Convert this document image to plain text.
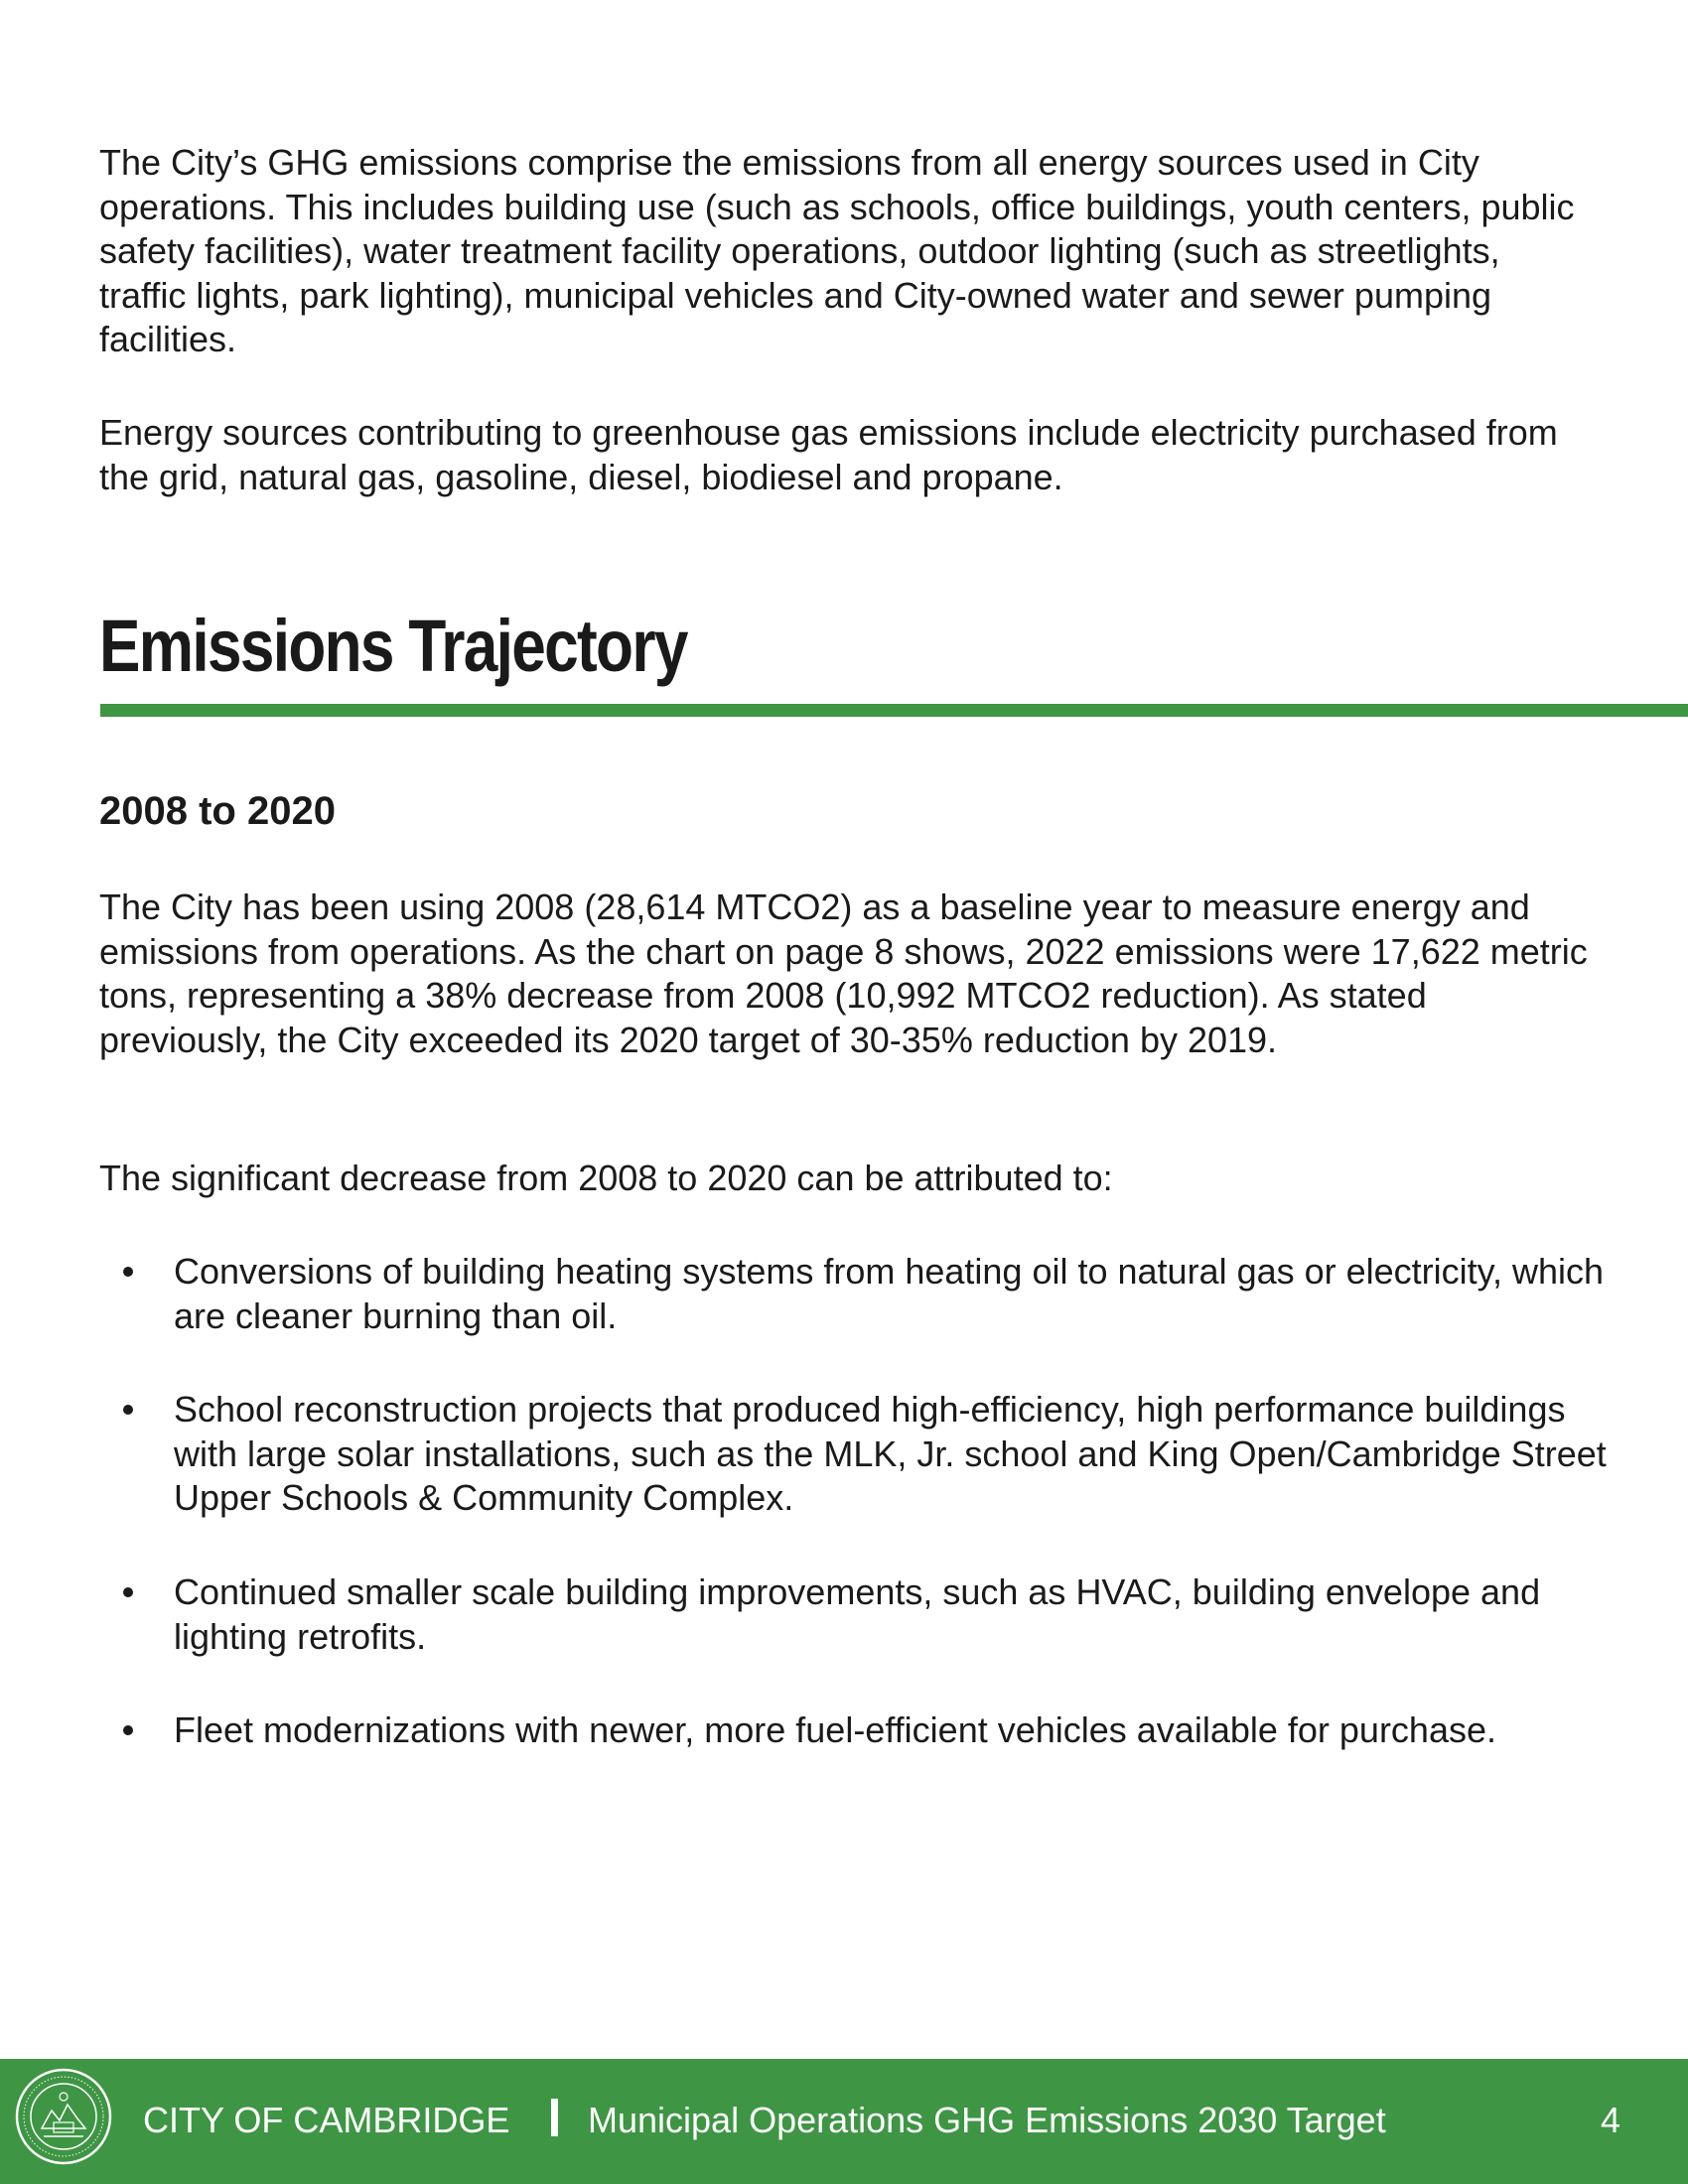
The City’s GHG emissions comprise the emissions from all energy sources used in City operations. This includes building use (such as schools, office buildings, youth centers, public safety facilities), water treatment facility operations, outdoor lighting (such as streetlights, traffic lights, park lighting), municipal vehicles and City-owned water and sewer pumping facilities.

Energy sources contributing to greenhouse gas emissions include electricity purchased from the grid, natural gas, gasoline, diesel, biodiesel and propane.

Emissions Trajectory
2008 to 2020

The City has been using 2008 (28,614 MTCO2) as a baseline year to measure energy and emissions from operations. As the chart on page 8 shows, 2022 emissions were 17,622 metric tons, representing a 38% decrease from 2008 (10,992 MTCO2 reduction). As stated previously, the City exceeded its 2020 target of 30-35% reduction by 2019.

The significant decrease from 2008 to 2020 can be attributed to:

Conversions of building heating systems from heating oil to natural gas or electricity, which are cleaner burning than oil.
School reconstruction projects that produced high-efficiency, high performance buildings with large solar installations, such as the MLK, Jr. school and King Open/Cambridge Street Upper Schools & Community Complex.
Continued smaller scale building improvements, such as HVAC, building envelope and lighting retrofits.
Fleet modernizations with newer, more fuel-efficient vehicles available for purchase.
CITY OF CAMBRIDGE Municipal Operations GHG Emissions 2030 Target	4
